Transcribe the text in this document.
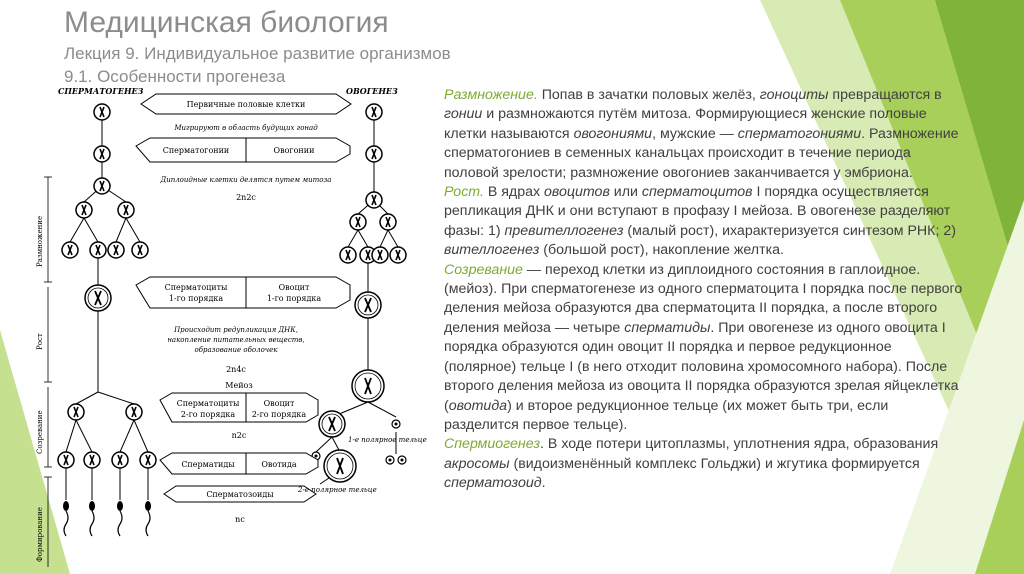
Медицинская биология
Лекция 9. Индивидуальное развитие организмов
9.1. Особенности прогенеза
СПЕРМАТОГЕНЕЗ	ОВОГЕНЕЗ
Размножение
Рост
Созревание
Формирование
Первичные половые клетки
Мигрируют в область будущих гонад
Сперматогонии	Овогонии
Диплоидные клетки делятся путем митоза
2n2c
Сперматоциты
1-го порядка
Овоцит
1-го порядка
Происходит редупликация ДНК,
накопление питательных веществ,
образование оболочек
2n4c
Мейоз
Сперматоциты
2-го порядка
Овоцит
2-го порядка
n2c	1-е полярное тельце
Сперматиды	Овотида
2-е полярное тельце
Сперматозоиды
nc

Размножение. Попав в зачатки половых желёз, гоноциты превращаются в гонии и размножаются путём митоза. Формирующиеся женские половые клетки называются овогониями, мужские — сперматогониями. Размножение сперматогониев в семенных канальцах происходит в течение периода половой зрелости; размножение овогониев заканчивается у эмбриона.

Рост. В ядрах овоцитов или сперматоцитов I порядка осуществляется репликация ДНК и они вступают в профазу I мейоза. В овогенезе разделяют фазы: 1) превителлогенез (малый рост), ихарактеризуется синтезом РНК; 2) вителлогенез (большой рост), накопление желтка.

Созревание — переход клетки из диплоидного состояния в гаплоидное. (мейоз). При сперматогенезе из одного сперматоцита I порядка после первого деления мейоза образуются два сперматоцита II порядка, а после второго деления мейоза — четыре сперматиды. При овогенезе из одного овоцита I порядка образуются один овоцит II порядка и первое редукционное (полярное) тельце I (в него отходит половина хромосомного набора). После второго деления мейоза из овоцита II порядка образуются зрелая яйцеклетка (овотида) и второе редукционное тельце (их может быть три, если разделится первое тельце).

Спермиогенез. В ходе потери цитоплазмы, уплотнения ядра, образования акросомы (видоизменённый комплекс Гольджи) и жгутика формируется сперматозоид.
